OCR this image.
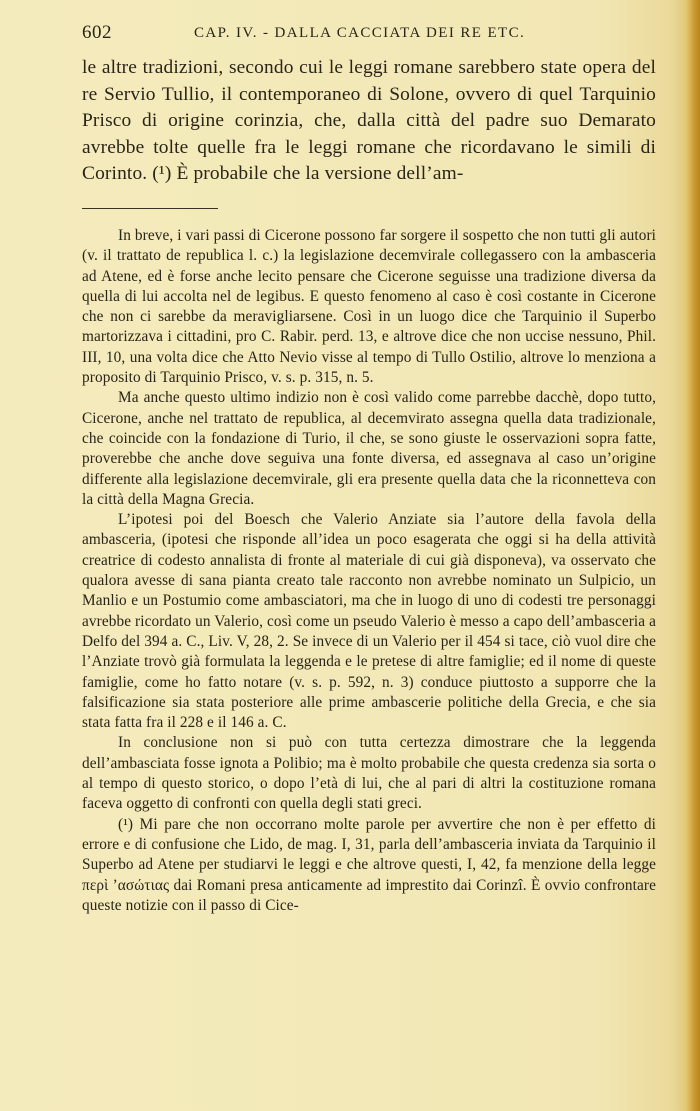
602	CAP. IV. - DALLA CACCIATA DEI RE ETC.

le altre tradizioni, secondo cui le leggi romane sarebbero state opera del re Servio Tullio, il contemporaneo di Solone, ovvero di quel Tarquinio Prisco di origine corinzia, che, dalla città del padre suo Demarato avrebbe tolte quelle fra le leggi romane che ricordavano le simili di Corinto. (¹) È probabile che la versione dell’am-

In breve, i vari passi di Cicerone possono far sorgere il sospetto che non tutti gli autori (v. il trattato de republica l. c.) la legislazione decemvirale collegassero con la ambasceria ad Atene, ed è forse anche lecito pensare che Cicerone seguisse una tradizione diversa da quella di lui accolta nel de legibus. E questo fenomeno al caso è così costante in Cicerone che non ci sarebbe da meravigliarsene. Così in un luogo dice che Tarquinio il Superbo martorizzava i cittadini, pro C. Rabir. perd. 13, e altrove dice che non uccise nessuno, Phil. III, 10, una volta dice che Atto Nevio visse al tempo di Tullo Ostilio, altrove lo menziona a proposito di Tarquinio Prisco, v. s. p. 315, n. 5.

Ma anche questo ultimo indizio non è così valido come parrebbe dacchè, dopo tutto, Cicerone, anche nel trattato de republica, al decemvirato assegna quella data tradizionale, che coincide con la fondazione di Turio, il che, se sono giuste le osservazioni sopra fatte, proverebbe che anche dove seguiva una fonte diversa, ed assegnava al caso un’origine differente alla legislazione decemvirale, gli era presente quella data che la riconnetteva con la città della Magna Grecia.

L’ipotesi poi del Boesch che Valerio Anziate sia l’autore della favola della ambasceria, (ipotesi che risponde all’idea un poco esagerata che oggi si ha della attività creatrice di codesto annalista di fronte al materiale di cui già disponeva), va osservato che qualora avesse di sana pianta creato tale racconto non avrebbe nominato un Sulpicio, un Manlio e un Postumio come ambasciatori, ma che in luogo di uno di codesti tre personaggi avrebbe ricordato un Valerio, così come un pseudo Valerio è messo a capo dell’ambasceria a Delfo del 394 a. C., Liv. V, 28, 2. Se invece di un Valerio per il 454 si tace, ciò vuol dire che l’Anziate trovò già formulata la leggenda e le pretese di altre famiglie; ed il nome di queste famiglie, come ho fatto notare (v. s. p. 592, n. 3) conduce piuttosto a supporre che la falsificazione sia stata posteriore alle prime ambascerie politiche della Grecia, e che sia stata fatta fra il 228 e il 146 a. C.

In conclusione non si può con tutta certezza dimostrare che la leggenda dell’ambasciata fosse ignota a Polibio; ma è molto probabile che questa credenza sia sorta o al tempo di questo storico, o dopo l’età di lui, che al pari di altri la costituzione romana faceva oggetto di confronti con quella degli stati greci.

(¹) Mi pare che non occorrano molte parole per avvertire che non è per effetto di errore e di confusione che Lido, de mag. I, 31, parla dell’ambasceria inviata da Tarquinio il Superbo ad Atene per studiarvi le leggi e che altrove questi, I, 42, fa menzione della legge περὶ ’ασώτιας dai Romani presa anticamente ad imprestito dai Corinzî. È ovvio confrontare queste notizie con il passo di Cice-
